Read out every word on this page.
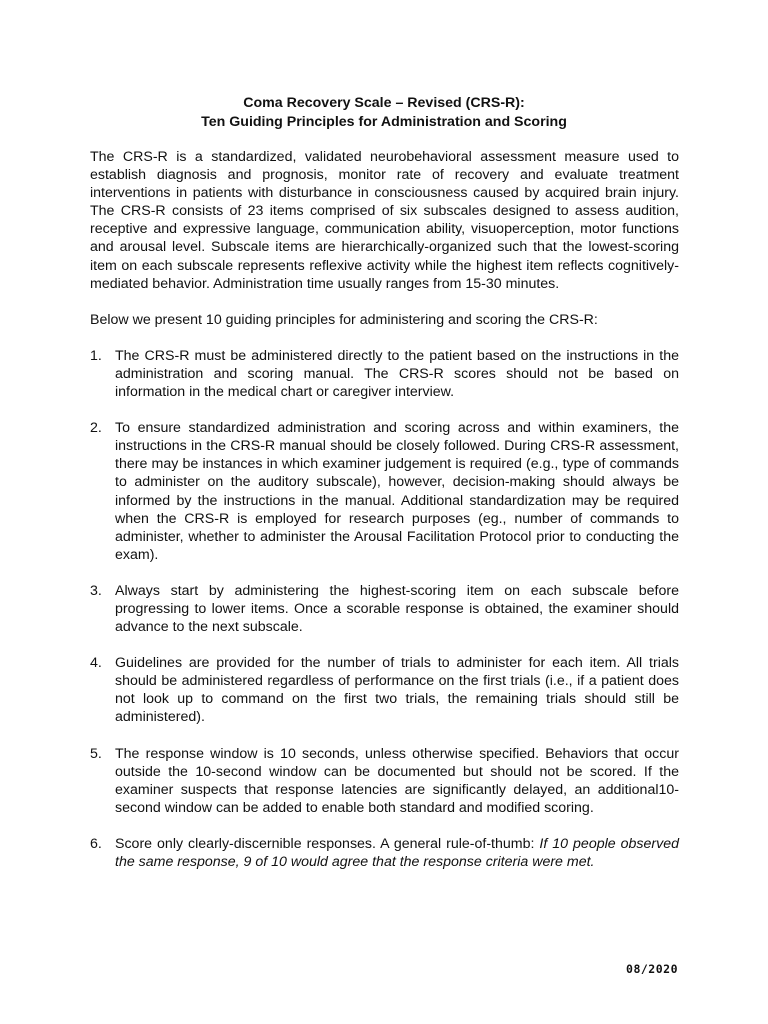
Coma Recovery Scale – Revised (CRS-R):
Ten Guiding Principles for Administration and Scoring

The CRS-R is a standardized, validated neurobehavioral assessment measure used to establish diagnosis and prognosis, monitor rate of recovery and evaluate treatment interventions in patients with disturbance in consciousness caused by acquired brain injury. The CRS-R consists of 23 items comprised of six subscales designed to assess audition, receptive and expressive language, communication ability, visuoperception, motor functions and arousal level. Subscale items are hierarchically-organized such that the lowest-scoring item on each subscale represents reflexive activity while the highest item reflects cognitively-mediated behavior. Administration time usually ranges from 15-30 minutes.

Below we present 10 guiding principles for administering and scoring the CRS-R:

1. The CRS-R must be administered directly to the patient based on the instructions in the administration and scoring manual. The CRS-R scores should not be based on information in the medical chart or caregiver interview.
2. To ensure standardized administration and scoring across and within examiners, the instructions in the CRS-R manual should be closely followed. During CRS-R assessment, there may be instances in which examiner judgement is required (e.g., type of commands to administer on the auditory subscale), however, decision-making should always be informed by the instructions in the manual. Additional standardization may be required when the CRS-R is employed for research purposes (eg., number of commands to administer, whether to administer the Arousal Facilitation Protocol prior to conducting the exam).
3. Always start by administering the highest-scoring item on each subscale before progressing to lower items. Once a scorable response is obtained, the examiner should advance to the next subscale.
4. Guidelines are provided for the number of trials to administer for each item. All trials should be administered regardless of performance on the first trials (i.e., if a patient does not look up to command on the first two trials, the remaining trials should still be administered).
5. The response window is 10 seconds, unless otherwise specified. Behaviors that occur outside the 10-second window can be documented but should not be scored. If the examiner suspects that response latencies are significantly delayed, an additional10-second window can be added to enable both standard and modified scoring.
6. Score only clearly-discernible responses. A general rule-of-thumb: If 10 people observed the same response, 9 of 10 would agree that the response criteria were met.
08/2020
